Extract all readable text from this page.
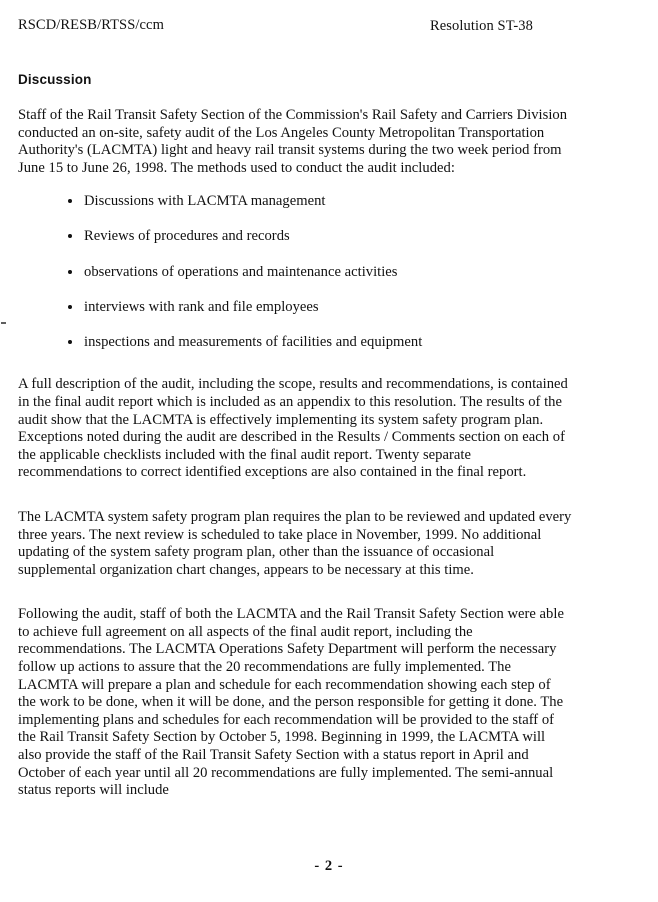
RSCD/RESB/RTSS/ccm	Resolution ST-38
Discussion

Staff of the Rail Transit Safety Section of the Commission's Rail Safety and Carriers Division conducted an on-site, safety audit of the Los Angeles County Metropolitan Transportation Authority's (LACMTA) light and heavy rail transit systems during the two week period from June 15 to June 26, 1998. The methods used to conduct the audit included:

Discussions with LACMTA management
Reviews of procedures and records
observations of operations and maintenance activities
interviews with rank and file employees
inspections and measurements of facilities and equipment

A full description of the audit, including the scope, results and recommendations, is contained in the final audit report which is included as an appendix to this resolution. The results of the audit show that the LACMTA is effectively implementing its system safety program plan. Exceptions noted during the audit are described in the Results / Comments section on each of the applicable checklists included with the final audit report. Twenty separate recommendations to correct identified exceptions are also contained in the final report.

The LACMTA system safety program plan requires the plan to be reviewed and updated every three years. The next review is scheduled to take place in November, 1999. No additional updating of the system safety program plan, other than the issuance of occasional supplemental organization chart changes, appears to be necessary at this time.

Following the audit, staff of both the LACMTA and the Rail Transit Safety Section were able to achieve full agreement on all aspects of the final audit report, including the recommendations. The LACMTA Operations Safety Department will perform the necessary follow up actions to assure that the 20 recommendations are fully implemented. The LACMTA will prepare a plan and schedule for each recommendation showing each step of the work to be done, when it will be done, and the person responsible for getting it done. The implementing plans and schedules for each recommendation will be provided to the staff of the Rail Transit Safety Section by October 5, 1998. Beginning in 1999, the LACMTA will also provide the staff of the Rail Transit Safety Section with a status report in April and October of each year until all 20 recommendations are fully implemented. The semi-annual status reports will include

- 2 -
